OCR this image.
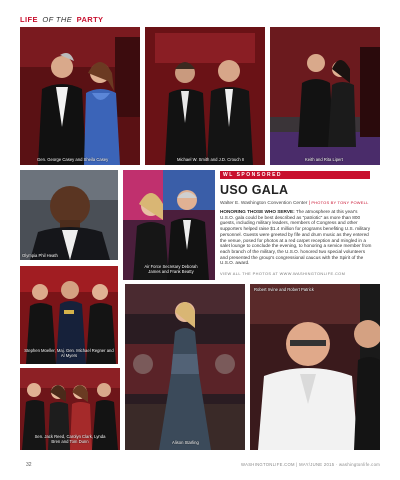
LIFE OF THE PARTY
Gen. George Casey and Sheila Casey	Michael W. Smith and J.D. Crouch II	Keith and Rita Lipert
Olympia Phil Heath
Air Force Secretary Deborah James and Frank Beatty
WL SPONSORED
USO GALA
Walter E. Washington Convention Center | PHOTOS BY TONY POWELL
HONORING THOSE WHO SERVE: The atmosphere at this year's U.S.O. gala could be best described as "patriotic" as more than 800 guests, including military leaders, members of Congress and other supporters helped raise $1.4 million for programs benefiting U.S. military personnel. Guests were greeted by fife and drum music as they entered the venue, posed for photos at a red carpet reception and mingled in a salet lounge to conclude the evening, to honoring a service member from each branch of the military, the U.S.O. honored two special volunteers and presented the group's congressional caucus with the Spirit of the U.S.O. award.
VIEW ALL THE PHOTOS AT WWW.WASHINGTONLIFE.COM
Stephen Moeller, Maj. Gen. Michael Regner and Al Myers
Sen. Jack Reed, Carolyn Clark, Lynda Bren and Tom Dunn	Alison Starling
Robert Irvine and Robert Patrick
32	WASHINGTONLIFE.COM | MAY/JUNE 2015 · washingtonlife.com
